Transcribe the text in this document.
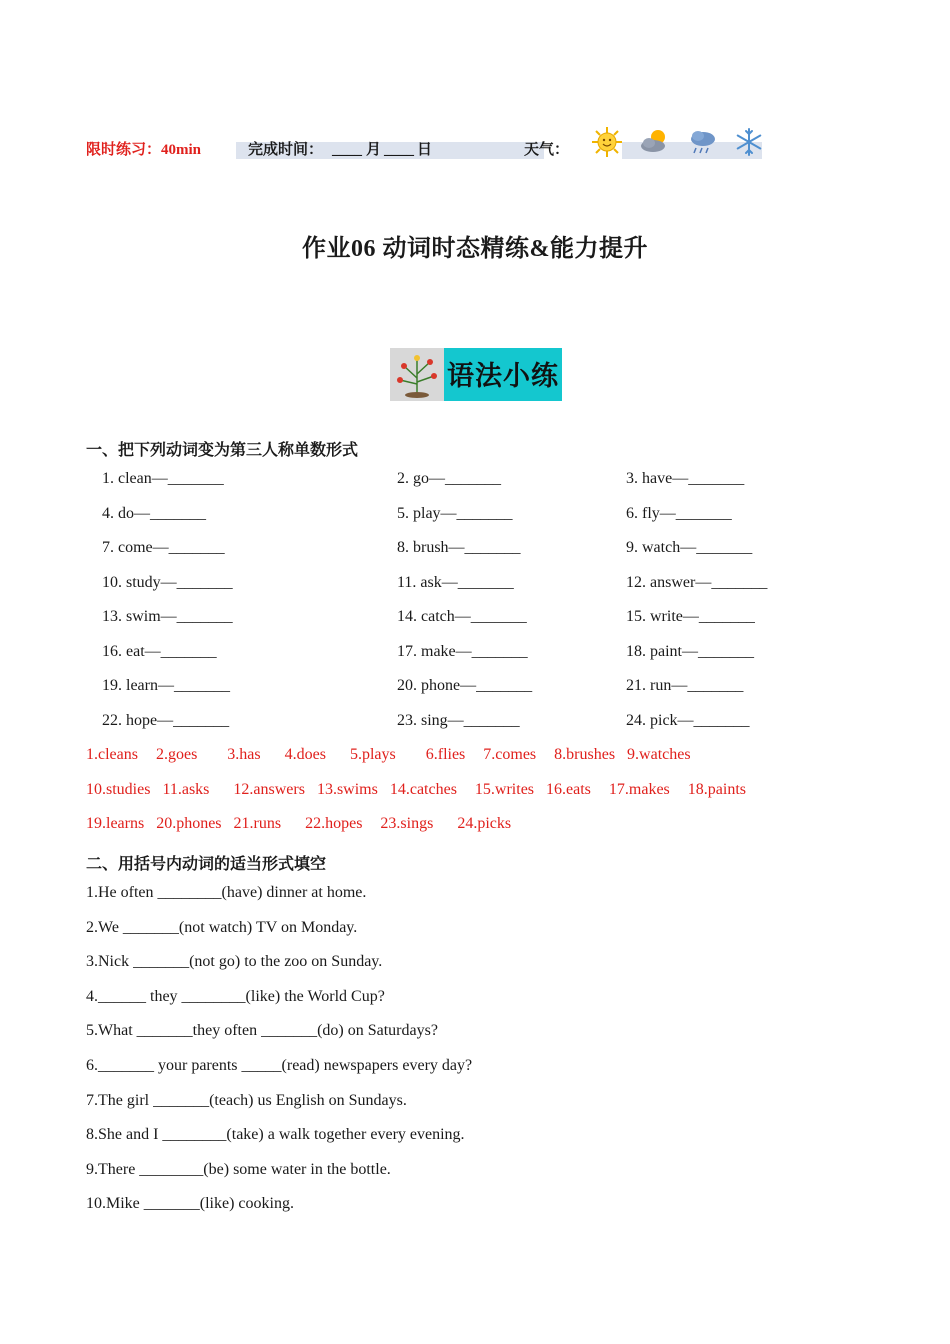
限时练习：40min	完成时间： ____ 月 ____ 日	天气：
作业06 动词时态精练&能力提升
语法小练
一、把下列动词变为第三人称单数形式
1. clean—_______	2. go—_______	3. have—_______
4. do—_______	5. play—_______	6. fly—_______
7. come—_______	8. brush—_______	9. watch—_______
10. study—_______	11. ask—_______	12. answer—_______
13. swim—_______	14. catch—_______	15. write—_______
16. eat—_______	17. make—_______	18. paint—_______
19. learn—_______	20. phone—_______	21. run—_______
22. hope—_______	23. sing—_______	24. pick—_______
1.cleans   2.goes     3.has    4.does    5.plays     6.flies   7.comes   8.brushes  9.watches
10.studies  11.asks    12.answers  13.swims  14.catches   15.writes  16.eats   17.makes   18.paints
19.learns  20.phones  21.runs    22.hopes   23.sings    24.picks
二、用括号内动词的适当形式填空
1.He often ________(have) dinner at home.
2.We _______(not watch) TV on Monday.
3.Nick _______(not go) to the zoo on Sunday.
4.______ they ________(like) the World Cup?
5.What _______they often _______(do) on Saturdays?
6._______ your parents _____(read) newspapers every day?
7.The girl _______(teach) us English on Sundays.
8.She and I ________(take) a walk together every evening.
9.There ________(be) some water in the bottle.
10.Mike _______(like) cooking.
